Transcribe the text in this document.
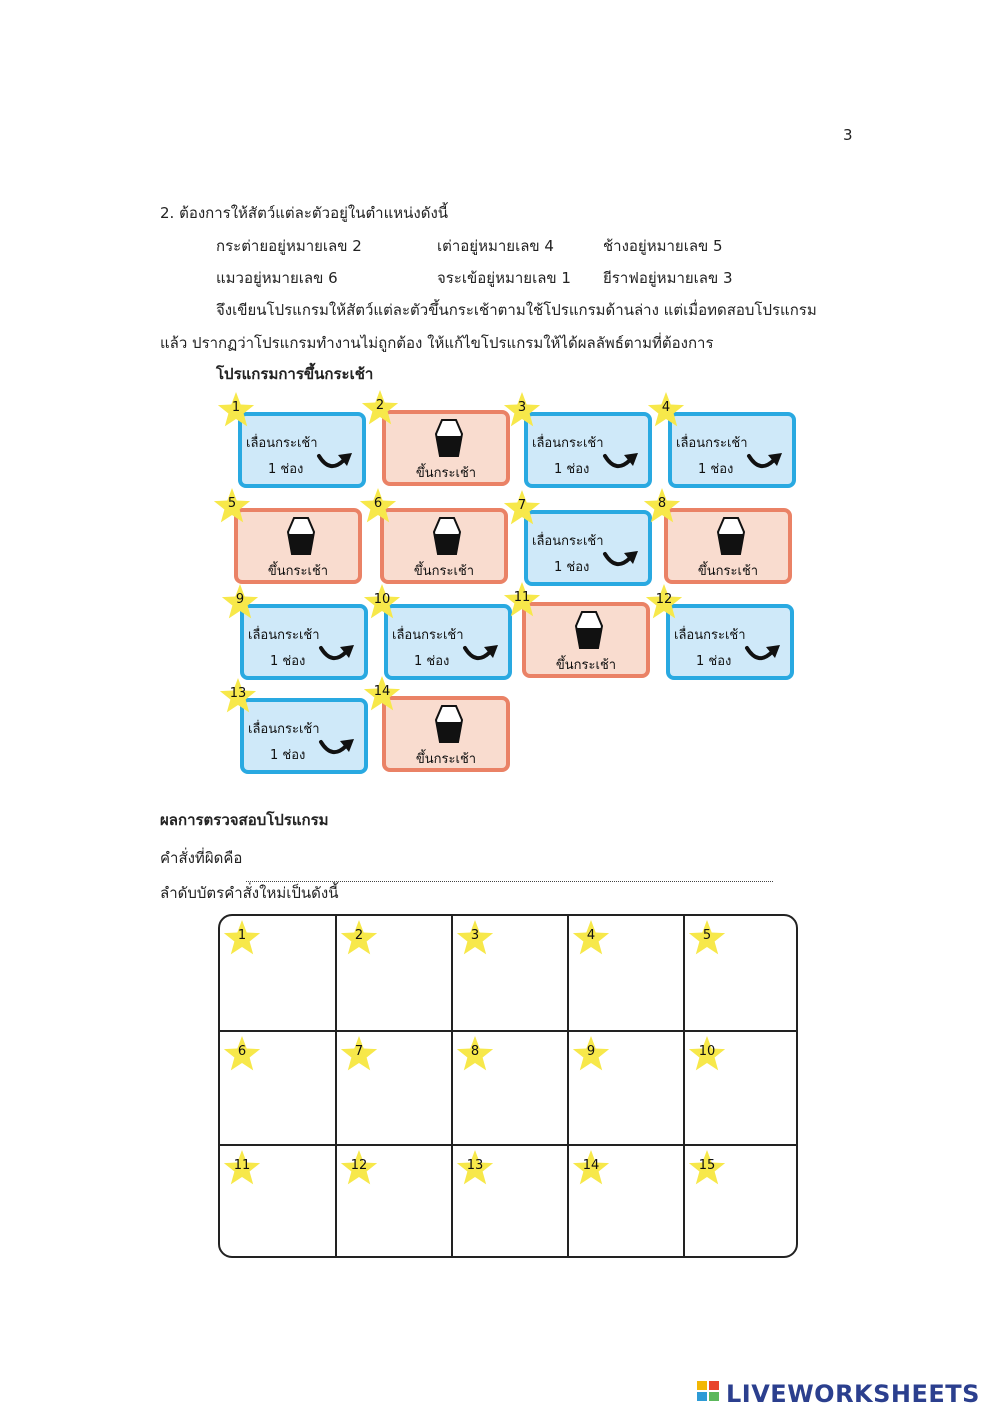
3
2. ต้องการให้สัตว์แต่ละตัวอยู่ในตำแหน่งดังนี้
กระต่ายอยู่หมายเลข 2	เต่าอยู่หมายเลข 4	ช้างอยู่หมายเลข 5
แมวอยู่หมายเลข 6	จระเข้อยู่หมายเลข 1 ยีราฟอยู่หมายเลข 3
จึงเขียนโปรแกรมให้สัตว์แต่ละตัวขึ้นกระเช้าตามใช้โปรแกรมด้านล่าง แต่เมื่อทดสอบโปรแกรม
แล้ว ปรากฏว่าโปรแกรมทำงานไม่ถูกต้อง ให้แก้ไขโปรแกรมให้ได้ผลลัพธ์ตามที่ต้องการ
โปรแกรมการขึ้นกระเช้า
เลื่อนกระเช้า
1 ช่อง
1
ขึ้นกระเช้า
2
เลื่อนกระเช้า
1 ช่อง
3
เลื่อนกระเช้า
1 ช่อง
4
ขึ้นกระเช้า
5
ขึ้นกระเช้า
6
เลื่อนกระเช้า
1 ช่อง
7
ขึ้นกระเช้า
8
เลื่อนกระเช้า
1 ช่อง
9
เลื่อนกระเช้า
1 ช่อง
10
ขึ้นกระเช้า
11
เลื่อนกระเช้า
1 ช่อง
12
เลื่อนกระเช้า
1 ช่อง
13
ขึ้นกระเช้า
14
ผลการตรวจสอบโปรแกรม
คำสั่งที่ผิดคือ
ลำดับบัตรคำสั่งใหม่เป็นดังนี้
1	2	3	4	5
6	7	8	9	10
11	12	13	14	15
LIVEWORKSHEETS
